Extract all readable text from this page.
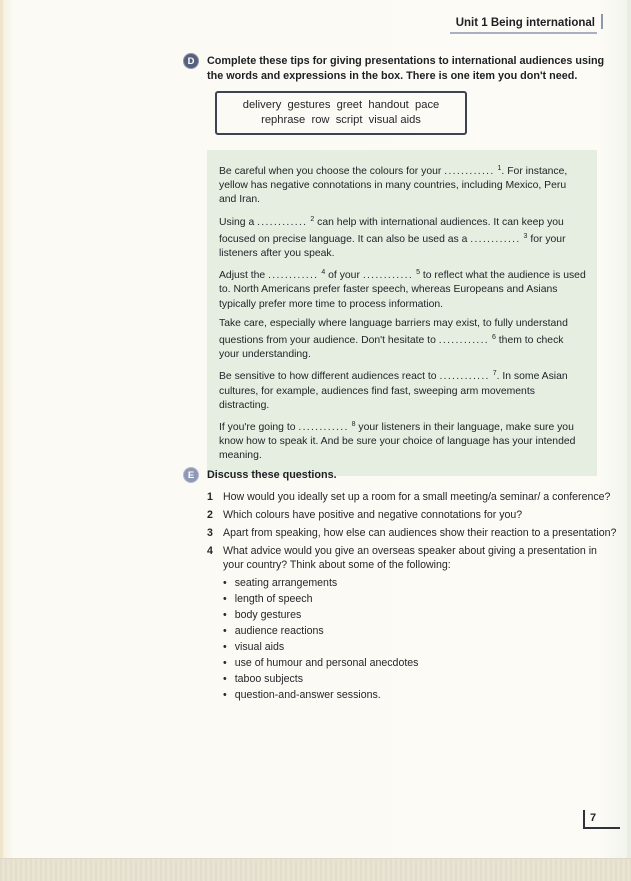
Unit 1 Being international
D	Complete these tips for giving presentations to international audiences using the words and expressions in the box. There is one item you don't need.
delivery  gestures  greet  handout  pace
rephrase  row  script  visual aids

Be careful when you choose the colours for your ............ $^1$. For instance, yellow has negative connotations in many countries, including Mexico, Peru and Iran.

Using a ............ $^2$ can help with international audiences. It can keep you focused on precise language. It can also be used as a ............ $^3$ for your listeners after you speak.

Adjust the ............ $^4$ of your ............ $^5$ to reflect what the audience is used to. North Americans prefer faster speech, whereas Europeans and Asians typically prefer more time to process information.

Take care, especially where language barriers may exist, to fully understand questions from your audience. Don't hesitate to ............ $^6$ them to check your understanding.

Be sensitive to how different audiences react to ............ $^7$. In some Asian cultures, for example, audiences find fast, sweeping arm movements distracting.

If you're going to ............ $^8$ your listeners in their language, make sure you know how to speak it. And be sure your choice of language has your intended meaning.

E	Discuss these questions.
1 How would you ideally set up a room for a small meeting/a seminar/ a conference?
2 Which colours have positive and negative connotations for you?
3 Apart from speaking, how else can audiences show their reaction to a presentation?
4 What advice would you give an overseas speaker about giving a presentation in your country? Think about some of the following:
• seating arrangements
• length of speech
• body gestures
• audience reactions
• visual aids
• use of humour and personal anecdotes
• taboo subjects
• question-and-answer sessions.
7
